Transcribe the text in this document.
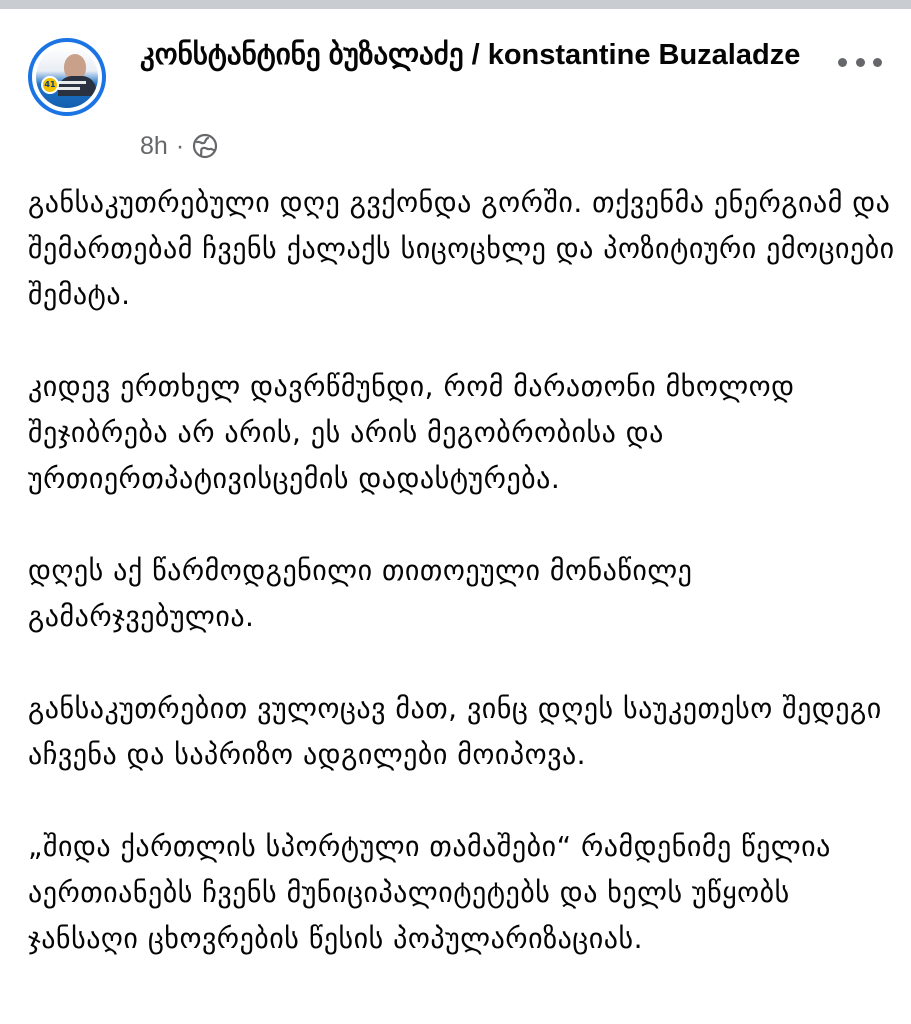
41
კონსტანტინე ბუზალაძე / konstantine Buzaladze
8h ·

განსაკუთრებული დღე გვქონდა გორში. თქვენმა ენერგიამ და შემართებამ ჩვენს ქალაქს სიცოცხლე და პოზიტიური ემოციები შემატა.

კიდევ ერთხელ დავრწმუნდი, რომ მარათონი მხოლოდ შეჯიბრება არ არის, ეს არის მეგობრობისა და ურთიერთპატივისცემის დადასტურება.

დღეს აქ წარმოდგენილი თითოეული მონაწილე გამარჯვებულია.

განსაკუთრებით ვულოცავ მათ, ვინც დღეს საუკეთესო შედეგი აჩვენა და საპრიზო ადგილები მოიპოვა.

„შიდა ქართლის სპორტული თამაშები“ რამდენიმე წელია აერთიანებს ჩვენს მუნიციპალიტეტებს და ხელს უწყობს ჯანსაღი ცხოვრების წესის პოპულარიზაციას.
